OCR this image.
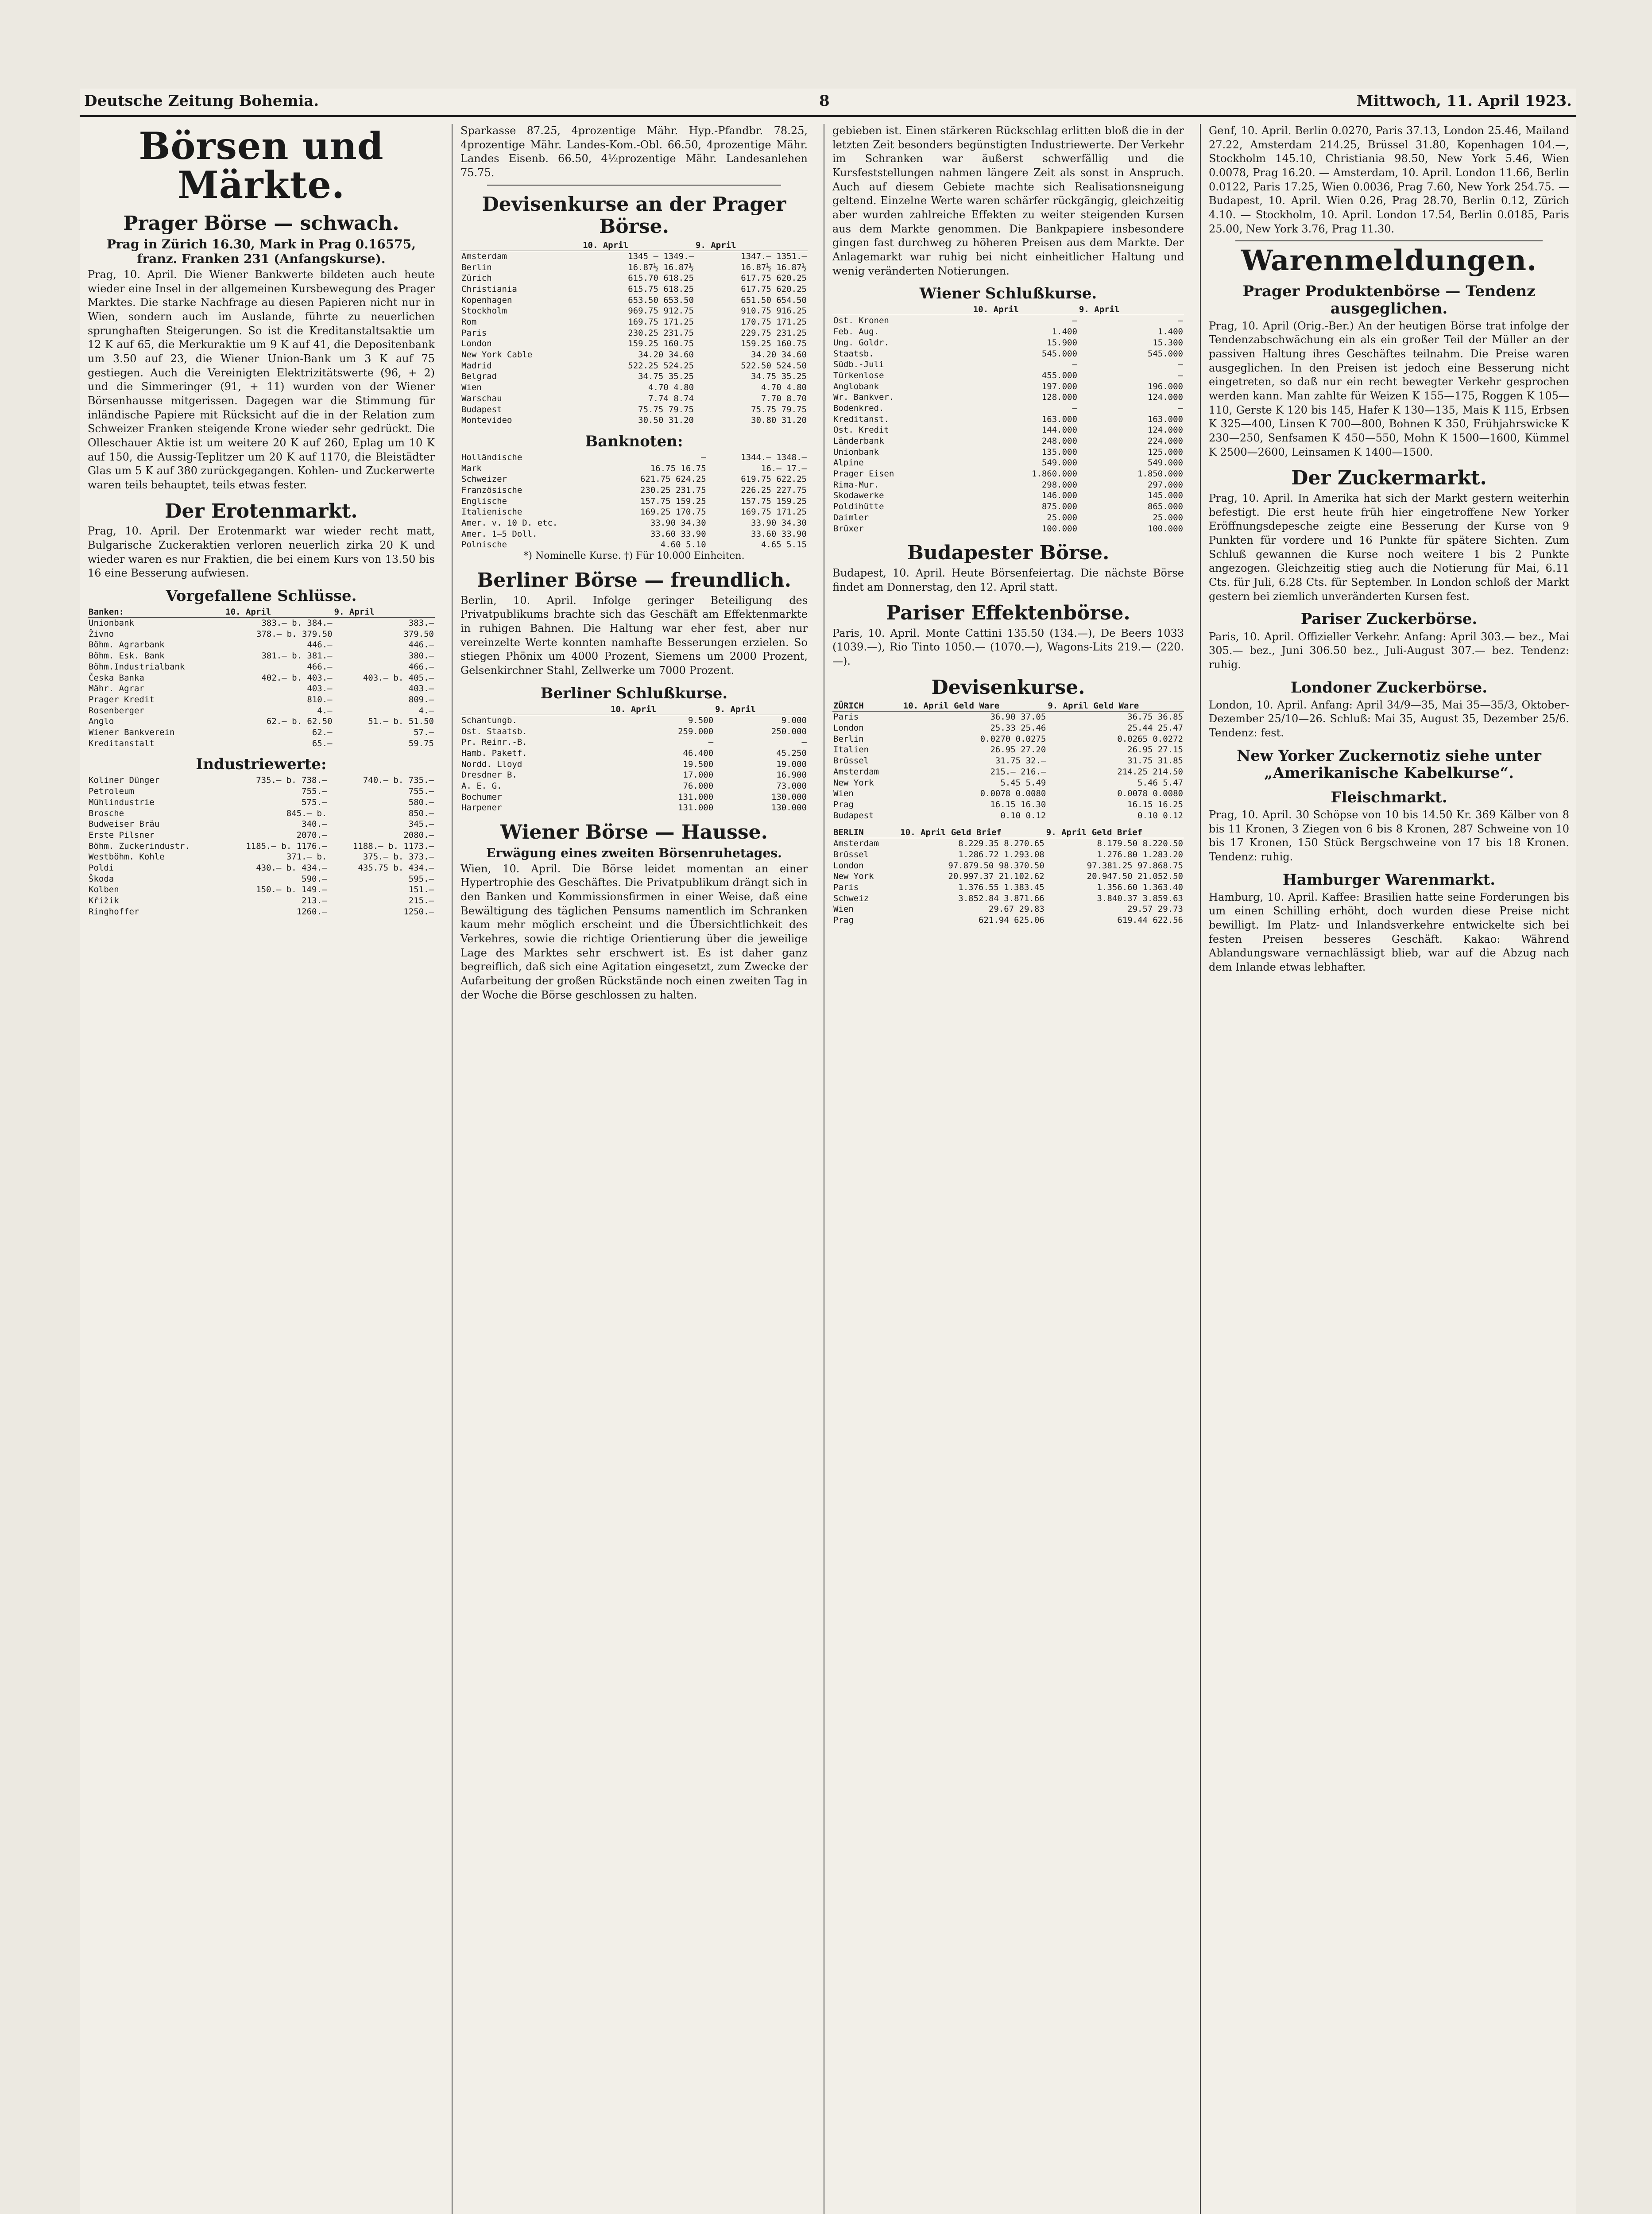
Deutsche Zeitung Bohemia.	8	Mittwoch, 11. April 1923.
Börsen und Märkte.
Prager Börse — schwach.
Prag in Zürich 16.30, Mark in Prag 0.16575, franz. Franken 231 (Anfangskurse).

Prag, 10. April. Die Wiener Bankwerte bildeten auch heute wieder eine Insel in der allgemeinen Kursbewegung des Prager Marktes. Die starke Nachfrage au diesen Papieren nicht nur in Wien, sondern auch im Auslande, führte zu neuerlichen sprunghaften Steigerungen. So ist die Kreditanstaltsaktie um 12 K auf 65, die Merkuraktie um 9 K auf 41, die Depositenbank um 3.50 auf 23, die Wiener Union-Bank um 3 K auf 75 gestiegen. Auch die Vereinigten Elektrizitätswerte (96, + 2) und die Simmeringer (91, + 11) wurden von der Wiener Börsenhausse mitgerissen. Dagegen war die Stimmung für inländische Papiere mit Rücksicht auf die in der Relation zum Schweizer Franken steigende Krone wieder sehr gedrückt. Die Olleschauer Aktie ist um weitere 20 K auf 260, Eplag um 10 K auf 150, die Aussig-Teplitzer um 20 K auf 1170, die Bleistädter Glas um 5 K auf 380 zurückgegangen. Kohlen- und Zuckerwerte waren teils behauptet, teils etwas fester.

Der Erotenmarkt.

Prag, 10. April. Der Erotenmarkt war wieder recht matt, Bulgarische Zuckeraktien verloren neuerlich zirka 20 K und wieder waren es nur Fraktien, die bei einem Kurs von 13.50 bis 16 eine Besserung aufwiesen.

Vorgefallene Schlüsse.
Banken:	10. April	9. April
Unionbank	383.— b. 384.—	383.—
Živno	378.— b. 379.50	379.50
Böhm. Agrarbank	446.—	446.—
Böhm. Esk. Bank	381.— b. 381.—	380.—
Böhm.Industrialbank	466.—	466.—
Česka Banka	402.— b. 403.—	403.— b. 405.—
Mähr. Agrar	403.—	403.—
Prager Kredit	810.—	809.—
Rosenberger	4.—	4.—
Anglo	62.— b. 62.50	51.— b. 51.50
Wiener Bankverein	62.—	57.—
Kreditanstalt	65.—	59.75
Industriewerte:
Koliner Dünger	735.— b. 738.—	740.— b. 735.—
Petroleum	755.—	755.—
Mühlindustrie	575.—	580.—
Brosche	845.— b.	850.—
Budweiser Bräu	340.—	345.—
Erste Pilsner	2070.—	2080.—
Böhm. Zuckerindustr.	1185.— b. 1176.—	1188.— b. 1173.—
Westböhm. Kohle	371.— b.	375.— b. 373.—
Poldi	430.— b. 434.—	435.75 b. 434.—
Škoda	590.—	595.—
Kolben	150.— b. 149.—	151.—
Křižik	213.—	215.—
Ringhoffer	1260.—	1250.—

Sparkasse 87.25, 4prozentige Mähr. Hyp.-Pfandbr. 78.25, 4prozentige Mähr. Landes-Kom.-Obl. 66.50, 4prozentige Mähr. Landes Eisenb. 66.50, 4½prozentige Mähr. Landesanlehen 75.75.

Devisenkurse an der Prager Börse.
	10. April	9. April
Amsterdam	1345 — 1349.—	1347.— 1351.—
Berlin	16.87½ 16.87½	16.87½ 16.87½
Zürich	615.70 618.25	617.75 620.25
Christiania	615.75 618.25	617.75 620.25
Kopenhagen	653.50 653.50	651.50 654.50
Stockholm	969.75 912.75	910.75 916.25
Rom	169.75 171.25	170.75 171.25
Paris	230.25 231.75	229.75 231.25
London	159.25 160.75	159.25 160.75
New York Cable	34.20 34.60	34.20 34.60
Madrid	522.25 524.25	522.50 524.50
Belgrad	34.75 35.25	34.75 35.25
Wien	4.70 4.80	4.70 4.80
Warschau	7.74 8.74	7.70 8.70
Budapest	75.75 79.75	75.75 79.75
Montevideo	30.50 31.20	30.80 31.20
Banknoten:
Holländische	—	1344.— 1348.—
Mark	16.75 16.75	16.— 17.—
Schweizer	621.75 624.25	619.75 622.25
Französische	230.25 231.75	226.25 227.75
Englische	157.75 159.25	157.75 159.25
Italienische	169.25 170.75	169.75 171.25
Amer. v. 10 D. etc.	33.90 34.30	33.90 34.30
Amer. 1—5 Doll.	33.60 33.90	33.60 33.90
Polnische	4.60 5.10	4.65 5.15
*) Nominelle Kurse. †) Für 10.000 Einheiten.
Berliner Börse — freundlich.

Berlin, 10. April. Infolge geringer Beteiligung des Privatpublikums brachte sich das Geschäft am Effektenmarkte in ruhigen Bahnen. Die Haltung war eher fest, aber nur vereinzelte Werte konnten namhafte Besserungen erzielen. So stiegen Phönix um 4000 Prozent, Siemens um 2000 Prozent, Gelsenkirchner Stahl, Zellwerke um 7000 Prozent.

Berliner Schlußkurse.
	10. April	9. April
Schantungb.	9.500	9.000
Ost. Staatsb.	259.000	250.000
Pr. Reinr.-B.	—	—
Hamb. Paketf.	46.400	45.250
Nordd. Lloyd	19.500	19.000
Dresdner B.	17.000	16.900
A. E. G.	76.000	73.000
Bochumer	131.000	130.000
Harpener	131.000	130.000
Wiener Börse — Hausse.
Erwägung eines zweiten Börsenruhetages.

Wien, 10. April. Die Börse leidet momentan an einer Hypertrophie des Geschäftes. Die Privatpublikum drängt sich in den Banken und Kommissionsfirmen in einer Weise, daß eine Bewältigung des täglichen Pensums namentlich im Schranken kaum mehr möglich erscheint und die Übersichtlichkeit des Verkehres, sowie die richtige Orientierung über die jeweilige Lage des Marktes sehr erschwert ist. Es ist daher ganz begreiflich, daß sich eine Agitation eingesetzt, zum Zwecke der Aufarbeitung der großen Rückstände noch einen zweiten Tag in der Woche die Börse geschlossen zu halten.

gebieben ist. Einen stärkeren Rückschlag erlitten bloß die in der letzten Zeit besonders begünstigten Industriewerte. Der Verkehr im Schranken war äußerst schwerfällig und die Kursfeststellungen nahmen längere Zeit als sonst in Anspruch. Auch auf diesem Gebiete machte sich Realisationsneigung geltend. Einzelne Werte waren schärfer rückgängig, gleichzeitig aber wurden zahlreiche Effekten zu weiter steigenden Kursen aus dem Markte genommen. Die Bankpapiere insbesondere gingen fast durchweg zu höheren Preisen aus dem Markte. Der Anlagemarkt war ruhig bei nicht einheitlicher Haltung und wenig veränderten Notierungen.

Wiener Schlußkurse.
	10. April	9. April
Ost. Kronen	—	—
Feb. Aug.	1.400	1.400
Ung. Goldr.	15.900	15.300
Staatsb.	545.000	545.000
Südb.-Juli	—	—
Türkenlose	455.000	—
Anglobank	197.000	196.000
Wr. Bankver.	128.000	124.000
Bodenkred.	—	—
Kreditanst.	163.000	163.000
Ost. Kredit	144.000	124.000
Länderbank	248.000	224.000
Unionbank	135.000	125.000
Alpine	549.000	549.000
Prager Eisen	1.860.000	1.850.000
Rima-Mur.	298.000	297.000
Skodawerke	146.000	145.000
Poldihütte	875.000	865.000
Daimler	25.000	25.000
Brüxer	100.000	100.000
Budapester Börse.

Budapest, 10. April. Heute Börsenfeiertag. Die nächste Börse findet am Donnerstag, den 12. April statt.

Pariser Effektenbörse.

Paris, 10. April. Monte Cattini 135.50 (134.—), De Beers 1033 (1039.—), Rio Tinto 1050.— (1070.—), Wagons-Lits 219.— (220.—).

Devisenkurse.
ZÜRICH	10. April Geld Ware	9. April Geld Ware
Paris	36.90 37.05	36.75 36.85
London	25.33 25.46	25.44 25.47
Berlin	0.0270 0.0275	0.0265 0.0272
Italien	26.95 27.20	26.95 27.15
Brüssel	31.75 32.—	31.75 31.85
Amsterdam	215.— 216.—	214.25 214.50
New York	5.45 5.49	5.46 5.47
Wien	0.0078 0.0080	0.0078 0.0080
Prag	16.15 16.30	16.15 16.25
Budapest	0.10 0.12	0.10 0.12
BERLIN	10. April Geld Brief	9. April Geld Brief
Amsterdam	8.229.35 8.270.65	8.179.50 8.220.50
Brüssel	1.286.72 1.293.08	1.276.80 1.283.20
London	97.879.50 98.370.50	97.381.25 97.868.75
New York	20.997.37 21.102.62	20.947.50 21.052.50
Paris	1.376.55 1.383.45	1.356.60 1.363.40
Schweiz	3.852.84 3.871.66	3.840.37 3.859.63
Wien	29.67 29.83	29.57 29.73
Prag	621.94 625.06	619.44 622.56

Genf, 10. April. Berlin 0.0270, Paris 37.13, London 25.46, Mailand 27.22, Amsterdam 214.25, Brüssel 31.80, Kopenhagen 104.—, Stockholm 145.10, Christiania 98.50, New York 5.46, Wien 0.0078, Prag 16.20. — Amsterdam, 10. April. London 11.66, Berlin 0.0122, Paris 17.25, Wien 0.0036, Prag 7.60, New York 254.75. — Budapest, 10. April. Wien 0.26, Prag 28.70, Berlin 0.12, Zürich 4.10. — Stockholm, 10. April. London 17.54, Berlin 0.0185, Paris 25.00, New York 3.76, Prag 11.30.

Warenmeldungen.
Prager Produktenbörse — Tendenz ausgeglichen.

Prag, 10. April (Orig.-Ber.) An der heutigen Börse trat infolge der Tendenzabschwächung ein als ein großer Teil der Müller an der passiven Haltung ihres Geschäftes teilnahm. Die Preise waren ausgeglichen. In den Preisen ist jedoch eine Besserung nicht eingetreten, so daß nur ein recht bewegter Verkehr gesprochen werden kann. Man zahlte für Weizen K 155—175, Roggen K 105—110, Gerste K 120 bis 145, Hafer K 130—135, Mais K 115, Erbsen K 325—400, Linsen K 700—800, Bohnen K 350, Frühjahrswicke K 230—250, Senfsamen K 450—550, Mohn K 1500—1600, Kümmel K 2500—2600, Leinsamen K 1400—1500.

Der Zuckermarkt.

Prag, 10. April. In Amerika hat sich der Markt gestern weiterhin befestigt. Die erst heute früh hier eingetroffene New Yorker Eröffnungsdepesche zeigte eine Besserung der Kurse von 9 Punkten für vordere und 16 Punkte für spätere Sichten. Zum Schluß gewannen die Kurse noch weitere 1 bis 2 Punkte angezogen. Gleichzeitig stieg auch die Notierung für Mai, 6.11 Cts. für Juli, 6.28 Cts. für September. In London schloß der Markt gestern bei ziemlich unveränderten Kursen fest.

Pariser Zuckerbörse.

Paris, 10. April. Offizieller Verkehr. Anfang: April 303.— bez., Mai 305.— bez., Juni 306.50 bez., Juli-August 307.— bez. Tendenz: ruhig.

Londoner Zuckerbörse.

London, 10. April. Anfang: April 34/9—35, Mai 35—35/3, Oktober-Dezember 25/10—26. Schluß: Mai 35, August 35, Dezember 25/6. Tendenz: fest.

New Yorker Zuckernotiz siehe unter „Amerikanische Kabelkurse“.
Fleischmarkt.

Prag, 10. April. 30 Schöpse von 10 bis 14.50 Kr. 369 Kälber von 8 bis 11 Kronen, 3 Ziegen von 6 bis 8 Kronen, 287 Schweine von 10 bis 17 Kronen, 150 Stück Bergschweine von 17 bis 18 Kronen. Tendenz: ruhig.

Hamburger Warenmarkt.

Hamburg, 10. April. Kaffee: Brasilien hatte seine Forderungen bis um einen Schilling erhöht, doch wurden diese Preise nicht bewilligt. Im Platz- und Inlandsverkehre entwickelte sich bei festen Preisen besseres Geschäft. Kakao: Während Ablandungsware vernachlässigt blieb, war auf die Abzug nach dem Inlande etwas lebhafter.
